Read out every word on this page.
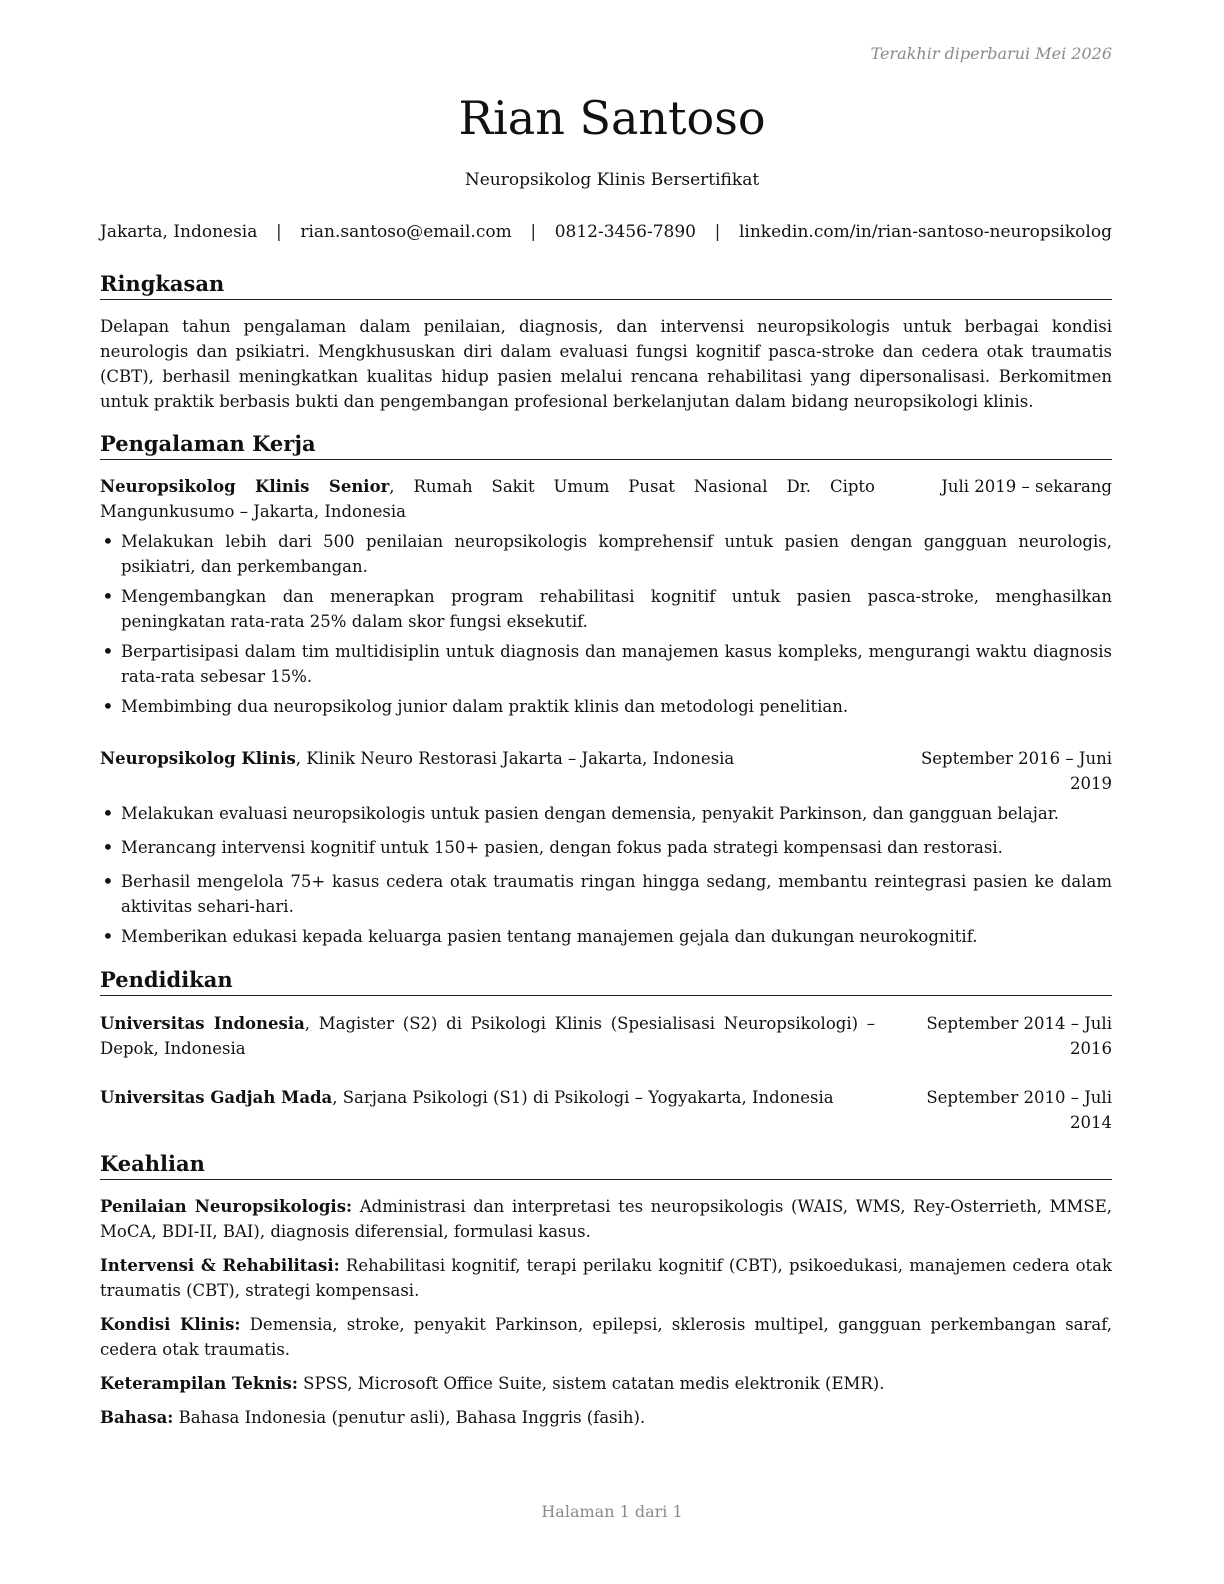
Terakhir diperbarui Mei 2026
Rian Santoso
Neuropsikolog Klinis Bersertifikat
Jakarta, Indonesia | rian.santoso@email.com | 0812-3456-7890 | linkedin.com/in/rian-santoso-neuropsikolog
Ringkasan
Delapan tahun pengalaman dalam penilaian, diagnosis, dan intervensi neuropsikologis untuk berbagai kondisi neurologis dan psikiatri. Mengkhususkan diri dalam evaluasi fungsi kognitif pasca-stroke dan cedera otak traumatis (CBT), berhasil meningkatkan kualitas hidup pasien melalui rencana rehabilitasi yang dipersonalisasi. Berkomitmen untuk praktik berbasis bukti dan pengembangan profesional berkelanjutan dalam bidang neuropsikologi klinis.
Pengalaman Kerja
Neuropsikolog Klinis Senior, Rumah Sakit Umum Pusat Nasional Dr. Cipto Mangunkusumo – Jakarta, Indonesia
Juli 2019 – sekarang
• Melakukan lebih dari 500 penilaian neuropsikologis komprehensif untuk pasien dengan gangguan neurologis, psikiatri, dan perkembangan.
• Mengembangkan dan menerapkan program rehabilitasi kognitif untuk pasien pasca-stroke, menghasilkan peningkatan rata-rata 25% dalam skor fungsi eksekutif.
• Berpartisipasi dalam tim multidisiplin untuk diagnosis dan manajemen kasus kompleks, mengurangi waktu diagnosis rata-rata sebesar 15%.
• Membimbing dua neuropsikolog junior dalam praktik klinis dan metodologi penelitian.
Neuropsikolog Klinis, Klinik Neuro Restorasi Jakarta – Jakarta, Indonesia	September 2016 – Juni 2019
• Melakukan evaluasi neuropsikologis untuk pasien dengan demensia, penyakit Parkinson, dan gangguan belajar.
• Merancang intervensi kognitif untuk 150+ pasien, dengan fokus pada strategi kompensasi dan restorasi.
• Berhasil mengelola 75+ kasus cedera otak traumatis ringan hingga sedang, membantu reintegrasi pasien ke dalam aktivitas sehari-hari.
• Memberikan edukasi kepada keluarga pasien tentang manajemen gejala dan dukungan neurokognitif.
Pendidikan
Universitas Indonesia, Magister (S2) di Psikologi Klinis (Spesialisasi Neuropsikologi) – Depok, Indonesia
September 2014 – Juli 2016
Universitas Gadjah Mada, Sarjana Psikologi (S1) di Psikologi – Yogyakarta, Indonesia	September 2010 – Juli 2014
Keahlian
Penilaian Neuropsikologis: Administrasi dan interpretasi tes neuropsikologis (WAIS, WMS, Rey-Osterrieth, MMSE, MoCA, BDI-II, BAI), diagnosis diferensial, formulasi kasus.
Intervensi & Rehabilitasi: Rehabilitasi kognitif, terapi perilaku kognitif (CBT), psikoedukasi, manajemen cedera otak traumatis (CBT), strategi kompensasi.
Kondisi Klinis: Demensia, stroke, penyakit Parkinson, epilepsi, sklerosis multipel, gangguan perkembangan saraf, cedera otak traumatis.
Keterampilan Teknis: SPSS, Microsoft Office Suite, sistem catatan medis elektronik (EMR).
Bahasa: Bahasa Indonesia (penutur asli), Bahasa Inggris (fasih).
Halaman 1 dari 1
